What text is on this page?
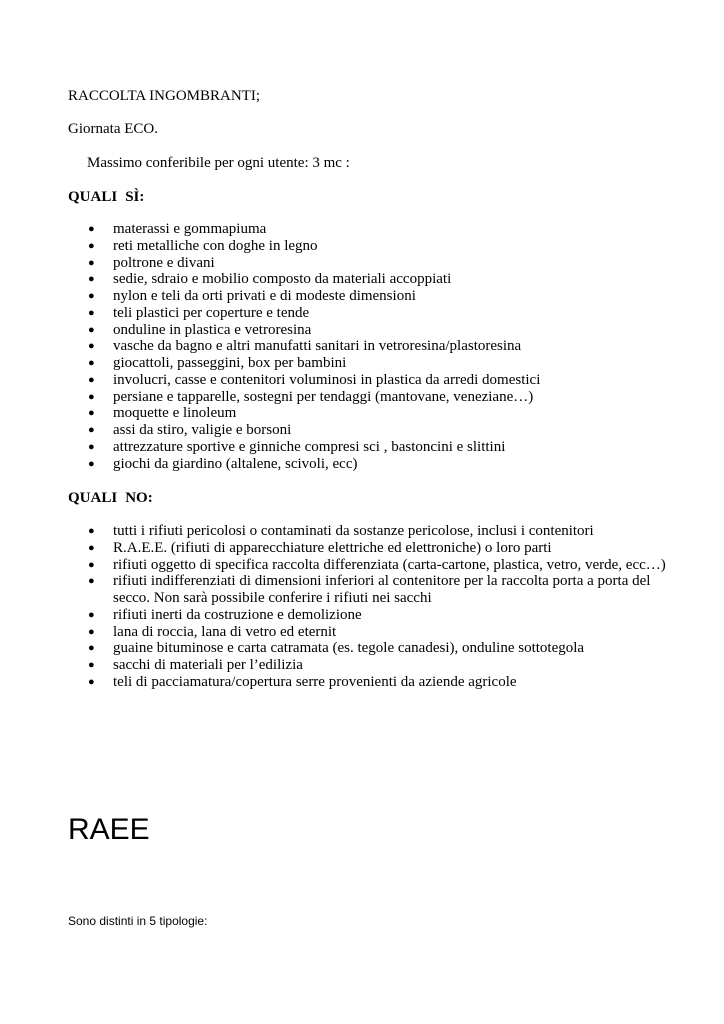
RACCOLTA INGOMBRANTI;

Giornata ECO.

Massimo conferibile per ogni utente: 3 mc :

QUALI SÌ:

● materassi e gommapiuma
● reti metalliche con doghe in legno
● poltrone e divani
● sedie, sdraio e mobilio composto da materiali accoppiati
● nylon e teli da orti privati e di modeste dimensioni
● teli plastici per coperture e tende
● onduline in plastica e vetroresina
● vasche da bagno e altri manufatti sanitari in vetroresina/plastoresina
● giocattoli, passeggini, box per bambini
● involucri, casse e contenitori voluminosi in plastica da arredi domestici
● persiane e tapparelle, sostegni per tendaggi (mantovane, veneziane…)
● moquette e linoleum
● assi da stiro, valigie e borsoni
● attrezzature sportive e ginniche compresi sci , bastoncini e slittini
● giochi da giardino (altalene, scivoli, ecc)

QUALI NO:

● tutti i rifiuti pericolosi o contaminati da sostanze pericolose, inclusi i contenitori
● R.A.E.E. (rifiuti di apparecchiature elettriche ed elettroniche) o loro parti
● rifiuti oggetto di specifica raccolta differenziata (carta-cartone, plastica, vetro, verde, ecc…)
● rifiuti indifferenziati di dimensioni inferiori al contenitore per la raccolta porta a porta del
secco. Non sarà possibile conferire i rifiuti nei sacchi
● rifiuti inerti da costruzione e demolizione
● lana di roccia, lana di vetro ed eternit
● guaine bituminose e carta catramata (es. tegole canadesi), onduline sottotegola
● sacchi di materiali per l’edilizia
● teli di pacciamatura/copertura serre provenienti da aziende agricole
RAEE

Sono distinti in 5 tipologie:
